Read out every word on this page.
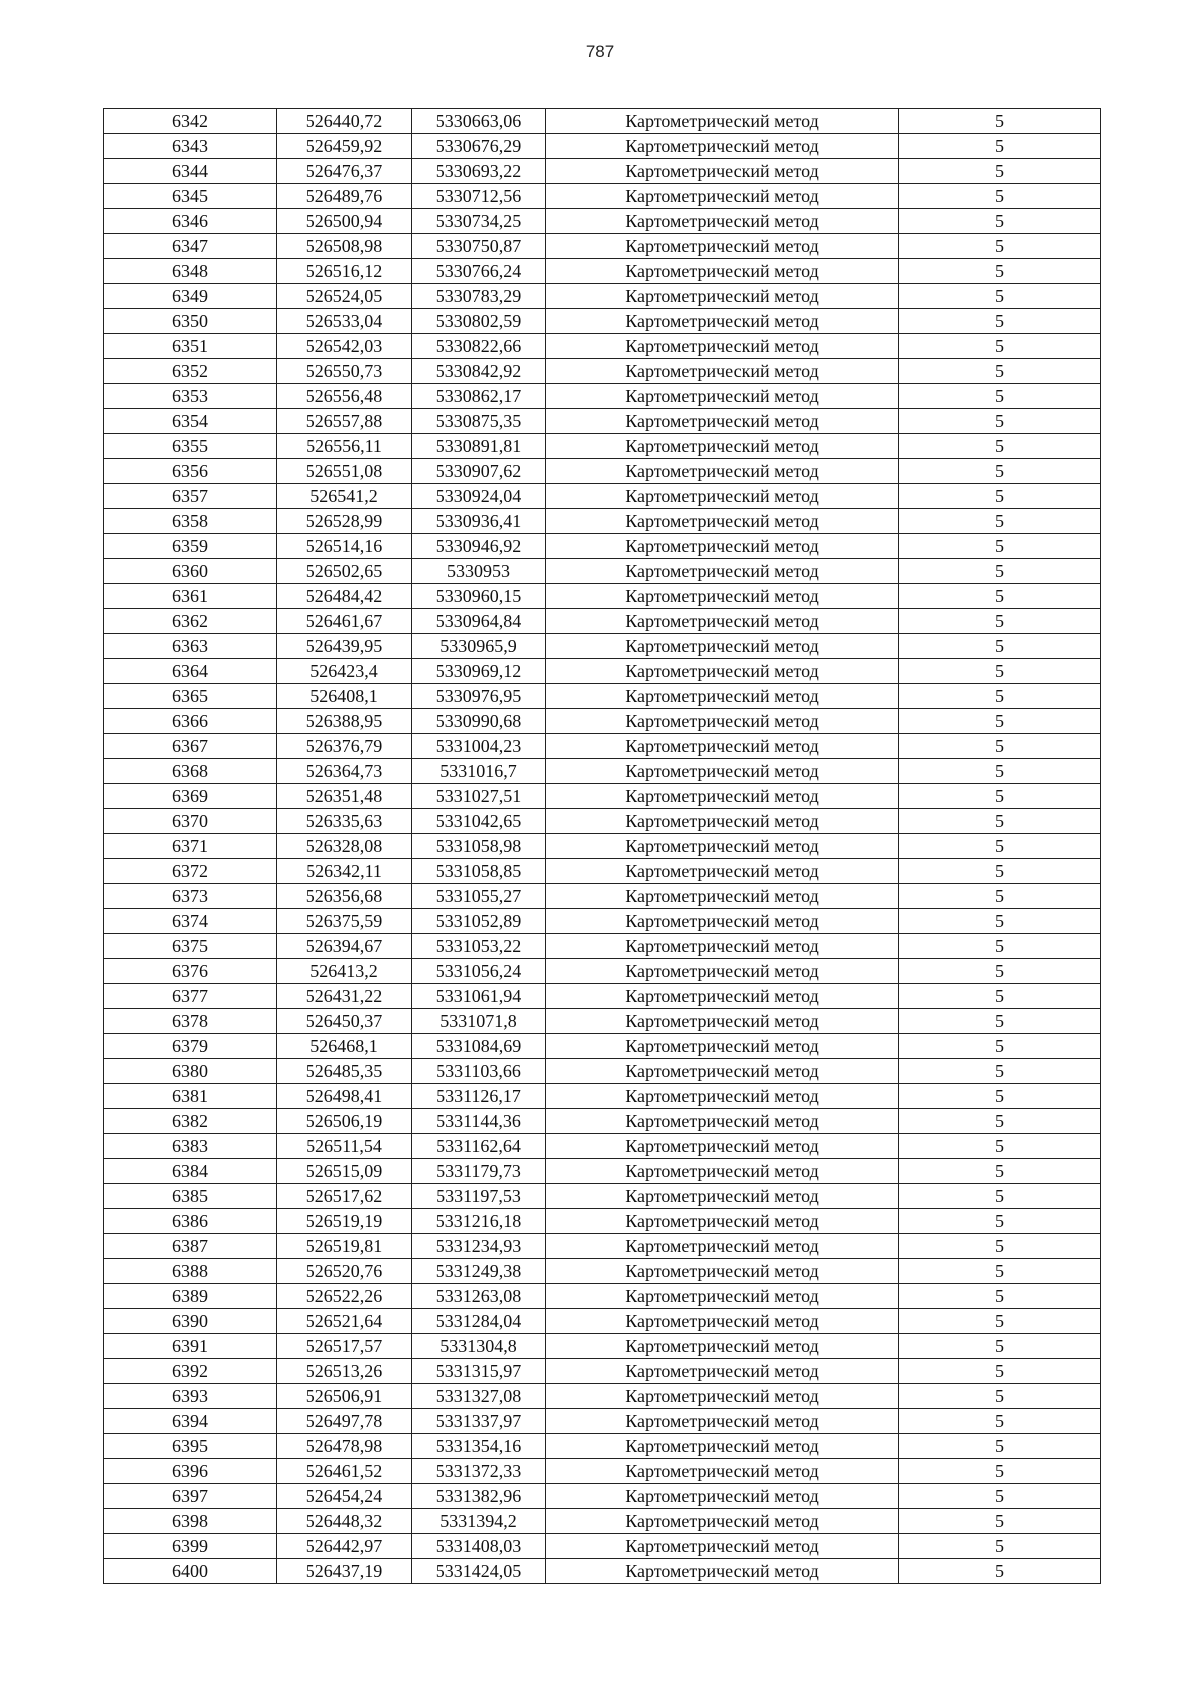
787
6342	526440,72	5330663,06	Картометрический метод	5
6343	526459,92	5330676,29	Картометрический метод	5
6344	526476,37	5330693,22	Картометрический метод	5
6345	526489,76	5330712,56	Картометрический метод	5
6346	526500,94	5330734,25	Картометрический метод	5
6347	526508,98	5330750,87	Картометрический метод	5
6348	526516,12	5330766,24	Картометрический метод	5
6349	526524,05	5330783,29	Картометрический метод	5
6350	526533,04	5330802,59	Картометрический метод	5
6351	526542,03	5330822,66	Картометрический метод	5
6352	526550,73	5330842,92	Картометрический метод	5
6353	526556,48	5330862,17	Картометрический метод	5
6354	526557,88	5330875,35	Картометрический метод	5
6355	526556,11	5330891,81	Картометрический метод	5
6356	526551,08	5330907,62	Картометрический метод	5
6357	526541,2	5330924,04	Картометрический метод	5
6358	526528,99	5330936,41	Картометрический метод	5
6359	526514,16	5330946,92	Картометрический метод	5
6360	526502,65	5330953	Картометрический метод	5
6361	526484,42	5330960,15	Картометрический метод	5
6362	526461,67	5330964,84	Картометрический метод	5
6363	526439,95	5330965,9	Картометрический метод	5
6364	526423,4	5330969,12	Картометрический метод	5
6365	526408,1	5330976,95	Картометрический метод	5
6366	526388,95	5330990,68	Картометрический метод	5
6367	526376,79	5331004,23	Картометрический метод	5
6368	526364,73	5331016,7	Картометрический метод	5
6369	526351,48	5331027,51	Картометрический метод	5
6370	526335,63	5331042,65	Картометрический метод	5
6371	526328,08	5331058,98	Картометрический метод	5
6372	526342,11	5331058,85	Картометрический метод	5
6373	526356,68	5331055,27	Картометрический метод	5
6374	526375,59	5331052,89	Картометрический метод	5
6375	526394,67	5331053,22	Картометрический метод	5
6376	526413,2	5331056,24	Картометрический метод	5
6377	526431,22	5331061,94	Картометрический метод	5
6378	526450,37	5331071,8	Картометрический метод	5
6379	526468,1	5331084,69	Картометрический метод	5
6380	526485,35	5331103,66	Картометрический метод	5
6381	526498,41	5331126,17	Картометрический метод	5
6382	526506,19	5331144,36	Картометрический метод	5
6383	526511,54	5331162,64	Картометрический метод	5
6384	526515,09	5331179,73	Картометрический метод	5
6385	526517,62	5331197,53	Картометрический метод	5
6386	526519,19	5331216,18	Картометрический метод	5
6387	526519,81	5331234,93	Картометрический метод	5
6388	526520,76	5331249,38	Картометрический метод	5
6389	526522,26	5331263,08	Картометрический метод	5
6390	526521,64	5331284,04	Картометрический метод	5
6391	526517,57	5331304,8	Картометрический метод	5
6392	526513,26	5331315,97	Картометрический метод	5
6393	526506,91	5331327,08	Картометрический метод	5
6394	526497,78	5331337,97	Картометрический метод	5
6395	526478,98	5331354,16	Картометрический метод	5
6396	526461,52	5331372,33	Картометрический метод	5
6397	526454,24	5331382,96	Картометрический метод	5
6398	526448,32	5331394,2	Картометрический метод	5
6399	526442,97	5331408,03	Картометрический метод	5
6400	526437,19	5331424,05	Картометрический метод	5
